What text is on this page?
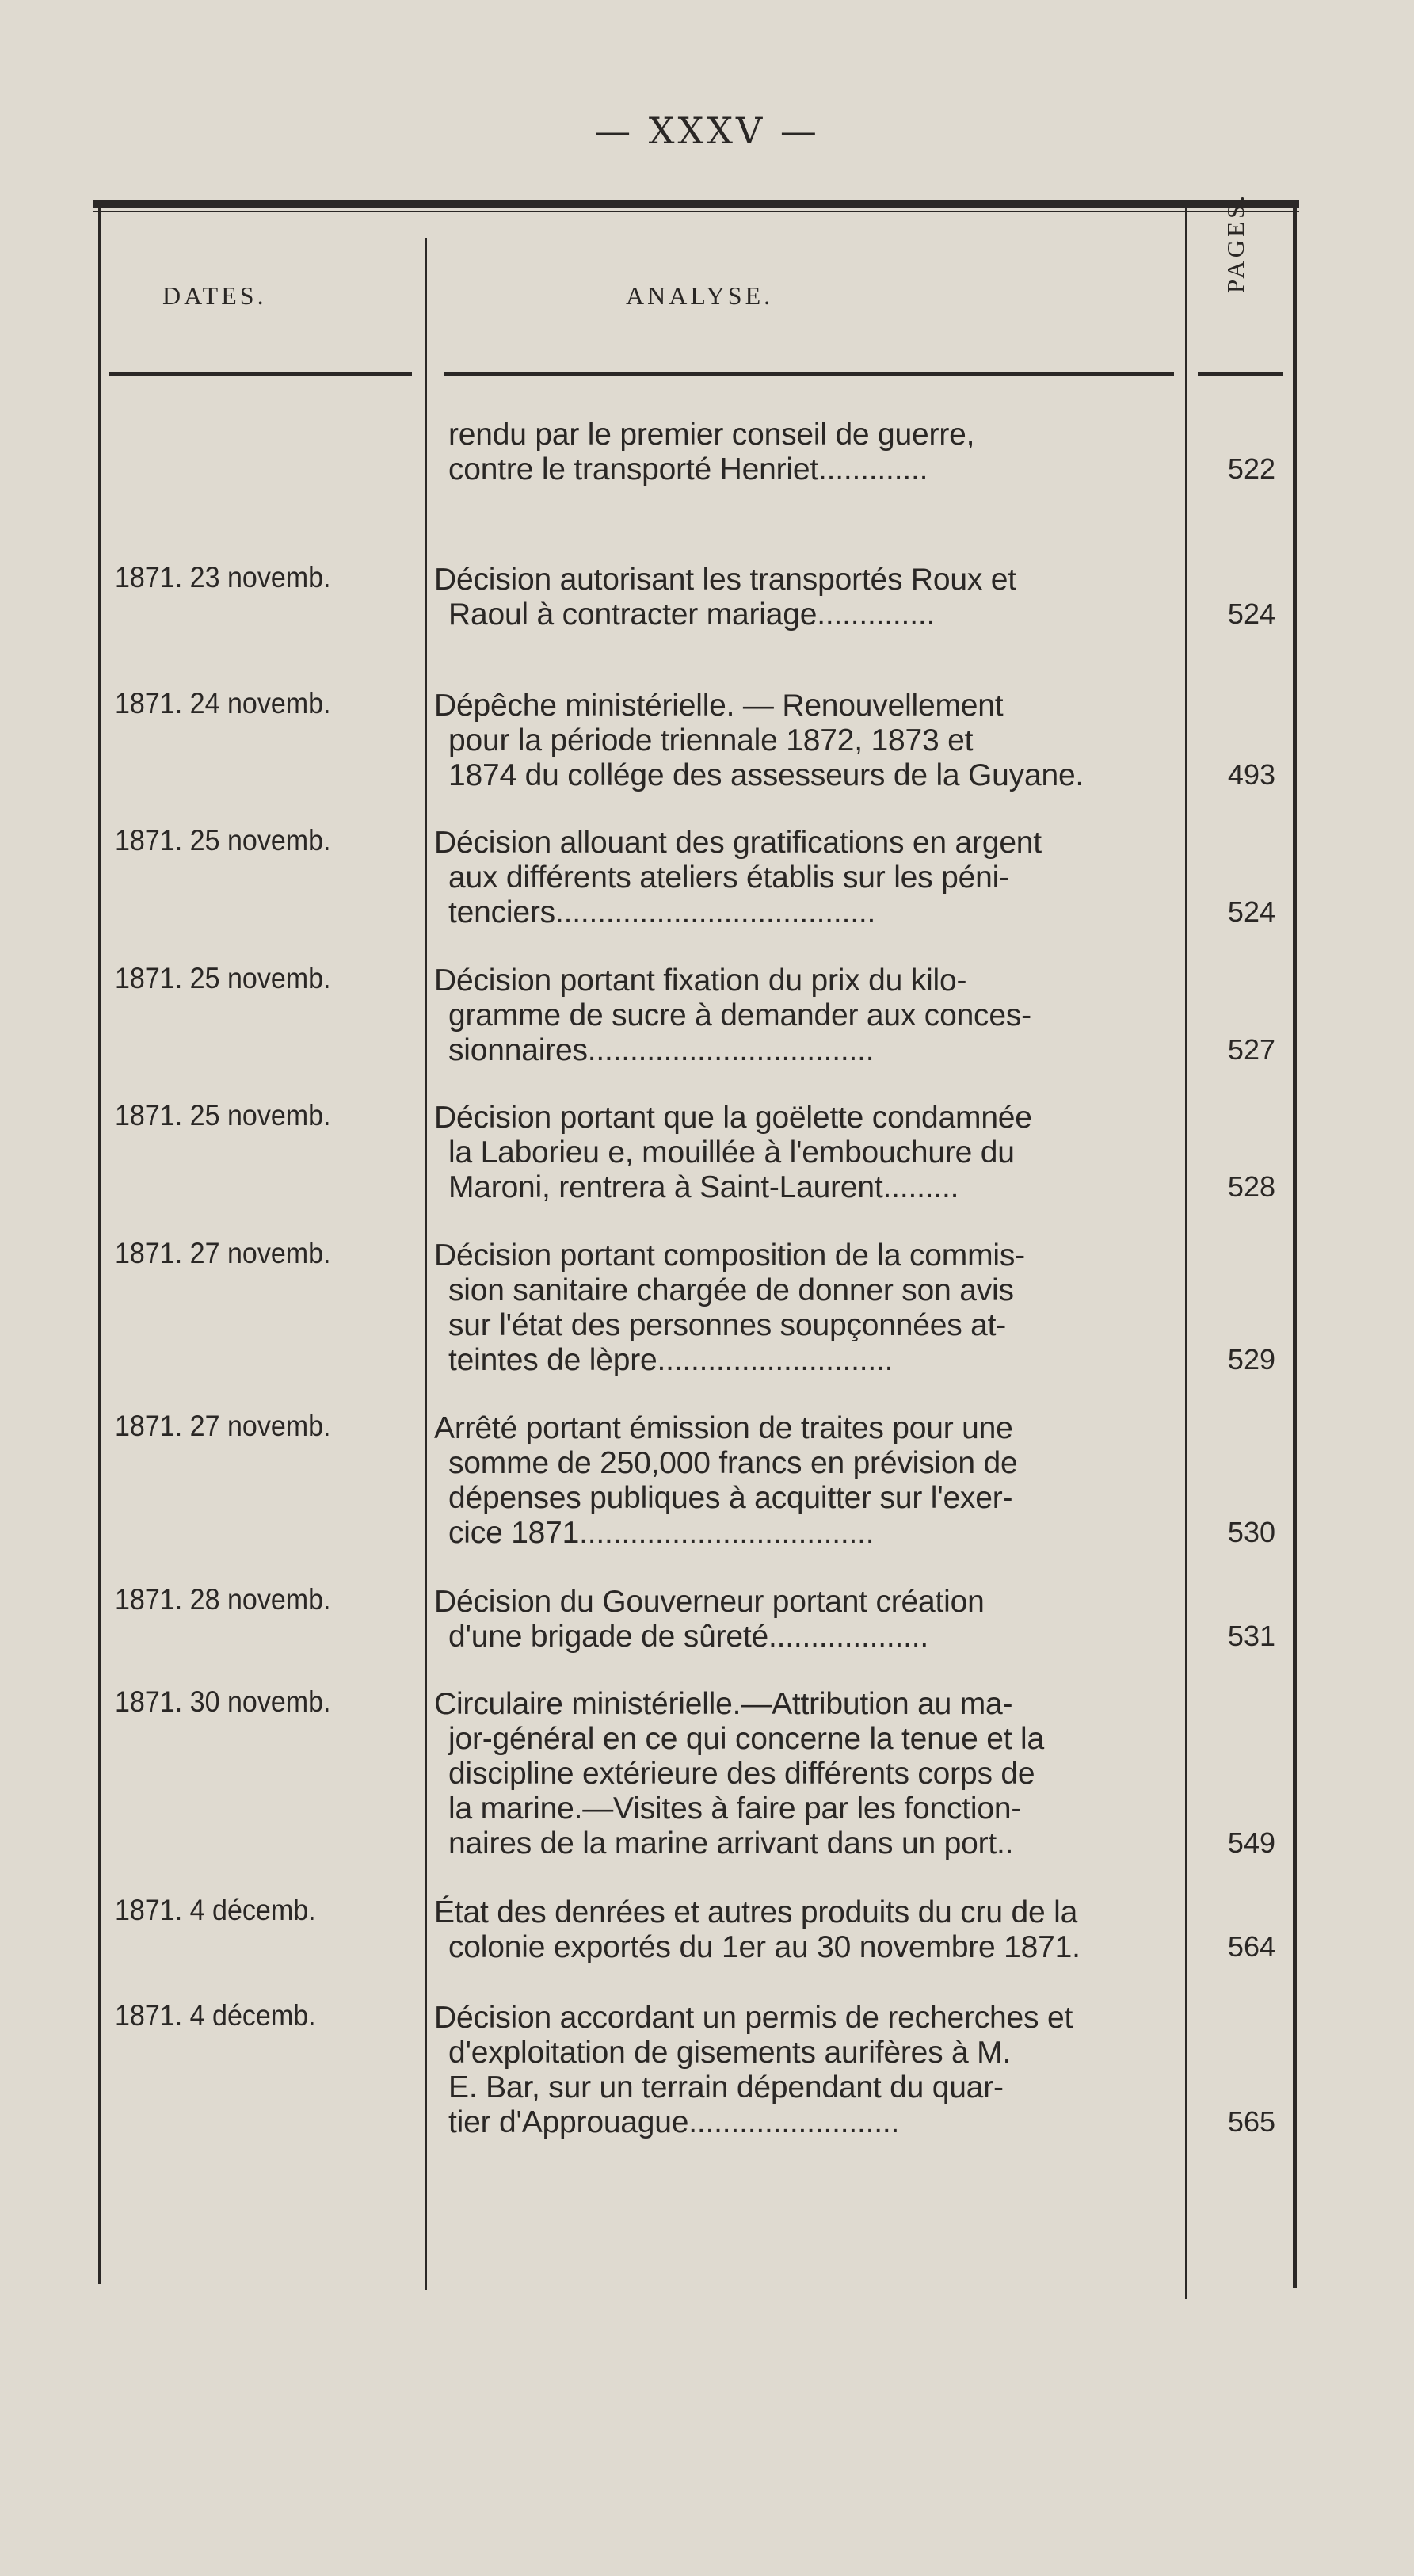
— XXXV —
DATES.	ANALYSE.
PAGES.
rendu par le premier conseil de guerre,
contre le transporté Henriet.............	522
1871. 23 novemb.	Décision autorisant les transportés Roux et
Raoul à contracter mariage..............	524
1871. 24 novemb.	Dépêche ministérielle. — Renouvellement
pour la période triennale 1872, 1873 et
1874 du collége des assesseurs de la Guyane.	493
1871. 25 novemb.	Décision allouant des gratifications en argent
aux différents ateliers établis sur les péni-
tenciers......................................	524
1871. 25 novemb.	Décision portant fixation du prix du kilo-
gramme de sucre à demander aux conces-
sionnaires..................................	527
1871. 25 novemb.	Décision portant que la goëlette condamnée
la Laborieu e, mouillée à l'embouchure du
Maroni, rentrera à Saint-Laurent.........	528
1871. 27 novemb.	Décision portant composition de la commis-
sion sanitaire chargée de donner son avis
sur l'état des personnes soupçonnées at-
teintes de lèpre............................	529
1871. 27 novemb.	Arrêté portant émission de traites pour une
somme de 250,000 francs en prévision de
dépenses publiques à acquitter sur l'exer-
cice 1871...................................	530
1871. 28 novemb.	Décision du Gouverneur portant création
d'une brigade de sûreté...................	531
1871. 30 novemb.	Circulaire ministérielle.—Attribution au ma-
jor-général en ce qui concerne la tenue et la
discipline extérieure des différents corps de
la marine.—Visites à faire par les fonction-
naires de la marine arrivant dans un port..	549
1871. 4 décemb.	État des denrées et autres produits du cru de la
colonie exportés du 1er au 30 novembre 1871.	564
1871. 4 décemb.	Décision accordant un permis de recherches et
d'exploitation de gisements aurifères à M.
E. Bar, sur un terrain dépendant du quar-
tier d'Approuague.........................	565
